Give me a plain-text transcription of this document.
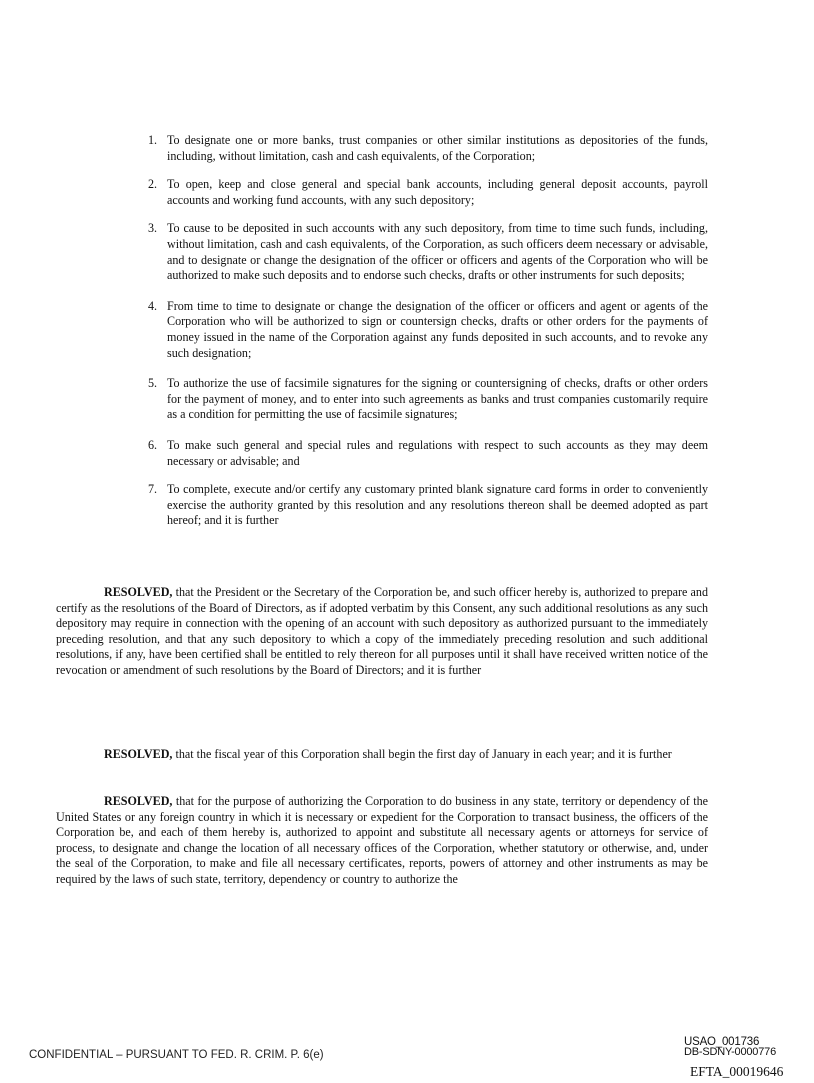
1. To designate one or more banks, trust companies or other similar institutions as depositories of the funds, including, without limitation, cash and cash equivalents, of the Corporation;
2. To open, keep and close general and special bank accounts, including general deposit accounts, payroll accounts and working fund accounts, with any such depository;
3. To cause to be deposited in such accounts with any such depository, from time to time such funds, including, without limitation, cash and cash equivalents, of the Corporation, as such officers deem necessary or advisable, and to designate or change the designation of the officer or officers and agents of the Corporation who will be authorized to make such deposits and to endorse such checks, drafts or other instruments for such deposits;
4. From time to time to designate or change the designation of the officer or officers and agent or agents of the Corporation who will be authorized to sign or countersign checks, drafts or other orders for the payments of money issued in the name of the Corporation against any funds deposited in such accounts, and to revoke any such designation;
5. To authorize the use of facsimile signatures for the signing or countersigning of checks, drafts or other orders for the payment of money, and to enter into such agreements as banks and trust companies customarily require as a condition for permitting the use of facsimile signatures;
6. To make such general and special rules and regulations with respect to such accounts as they may deem necessary or advisable; and
7. To complete, execute and/or certify any customary printed blank signature card forms in order to conveniently exercise the authority granted by this resolution and any resolutions thereon shall be deemed adopted as part hereof; and it is further

RESOLVED, that the President or the Secretary of the Corporation be, and such officer hereby is, authorized to prepare and certify as the resolutions of the Board of Directors, as if adopted verbatim by this Consent, any such additional resolutions as any such depository may require in connection with the opening of an account with such depository as authorized pursuant to the immediately preceding resolution, and that any such depository to which a copy of the immediately preceding resolution and such additional resolutions, if any, have been certified shall be entitled to rely thereon for all purposes until it shall have received written notice of the revocation or amendment of such resolutions by the Board of Directors; and it is further

RESOLVED, that the fiscal year of this Corporation shall begin the first day of January in each year; and it is further

RESOLVED, that for the purpose of authorizing the Corporation to do business in any state, territory or dependency of the United States or any foreign country in which it is necessary or expedient for the Corporation to transact business, the officers of the Corporation be, and each of them hereby is, authorized to appoint and substitute all necessary agents or attorneys for service of process, to designate and change the location of all necessary offices of the Corporation, whether statutory or otherwise, and, under the seal of the Corporation, to make and file all necessary certificates, reports, powers of attorney and other instruments as may be required by the laws of such state, territory, dependency or country to authorize the

CONFIDENTIAL – PURSUANT TO FED. R. CRIM. P. 6(e)
USAO_001736
DB-SDNY-0000776
EFTA_00019646
